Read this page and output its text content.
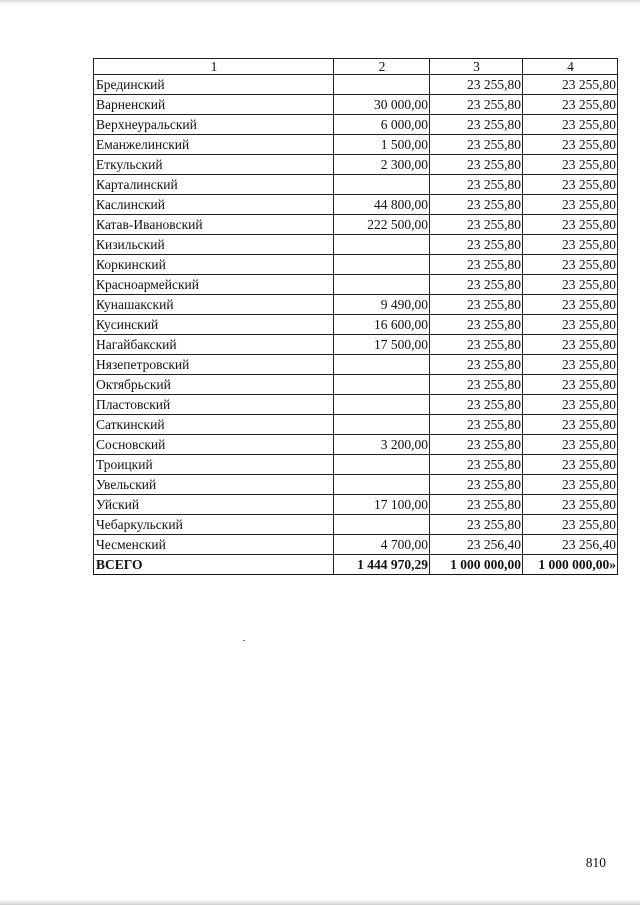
1	2	3	4
Брединский		23 255,80	23 255,80
Варненский	30 000,00	23 255,80	23 255,80
Верхнеуральский	6 000,00	23 255,80	23 255,80
Еманжелинский	1 500,00	23 255,80	23 255,80
Еткульский	2 300,00	23 255,80	23 255,80
Карталинский		23 255,80	23 255,80
Каслинский	44 800,00	23 255,80	23 255,80
Катав-Ивановский	222 500,00	23 255,80	23 255,80
Кизильский		23 255,80	23 255,80
Коркинский		23 255,80	23 255,80
Красноармейский		23 255,80	23 255,80
Кунашакский	9 490,00	23 255,80	23 255,80
Кусинский	16 600,00	23 255,80	23 255,80
Нагайбакский	17 500,00	23 255,80	23 255,80
Нязепетровский		23 255,80	23 255,80
Октябрьский		23 255,80	23 255,80
Пластовский		23 255,80	23 255,80
Саткинский		23 255,80	23 255,80
Сосновский	3 200,00	23 255,80	23 255,80
Троицкий		23 255,80	23 255,80
Увельский		23 255,80	23 255,80
Уйский	17 100,00	23 255,80	23 255,80
Чебаркульский		23 255,80	23 255,80
Чесменский	4 700,00	23 256,40	23 256,40
ВСЕГО	1 444 970,29	1 000 000,00	1 000 000,00»
810
